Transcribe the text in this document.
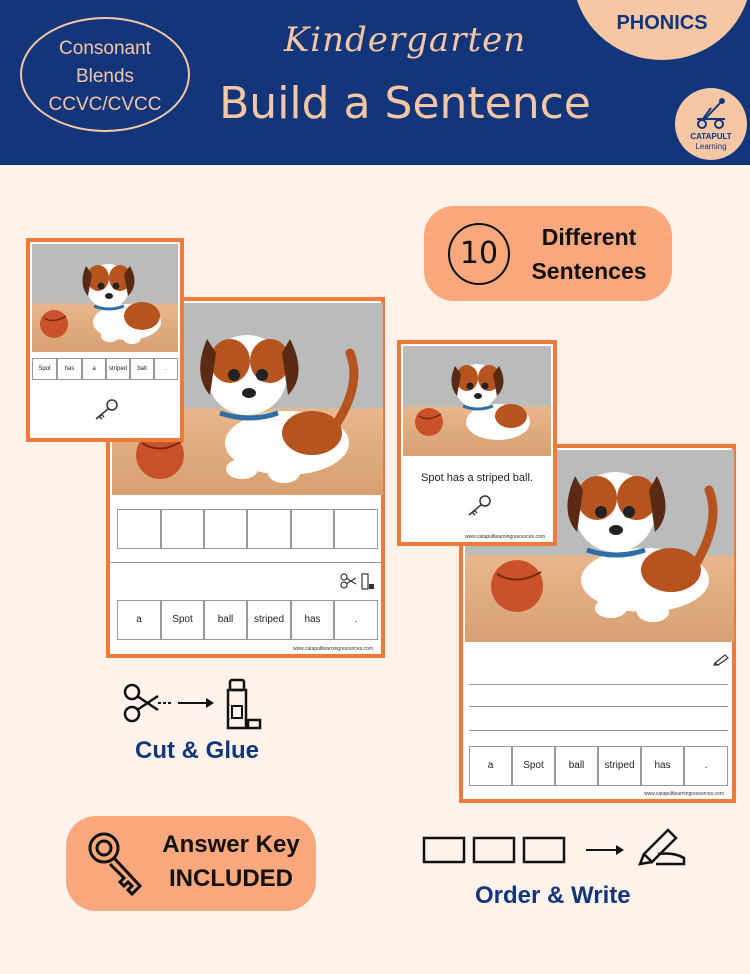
Consonant
Blends
CCVC/CVCC
Kindergarten
Build a Sentence
PHONICS
CATAPULT
Learning
10	Different
Sentences
Spot	has	a	striped	ball	.
a	Spot	ball	striped	has	.
www.catapultlearningresources.com
Spot has a striped ball.
www.catapultlearningresources.com
a	Spot	ball	striped	has	.
www.catapultlearningresources.com
Cut & Glue
Answer Key
INCLUDED
Order & Write
